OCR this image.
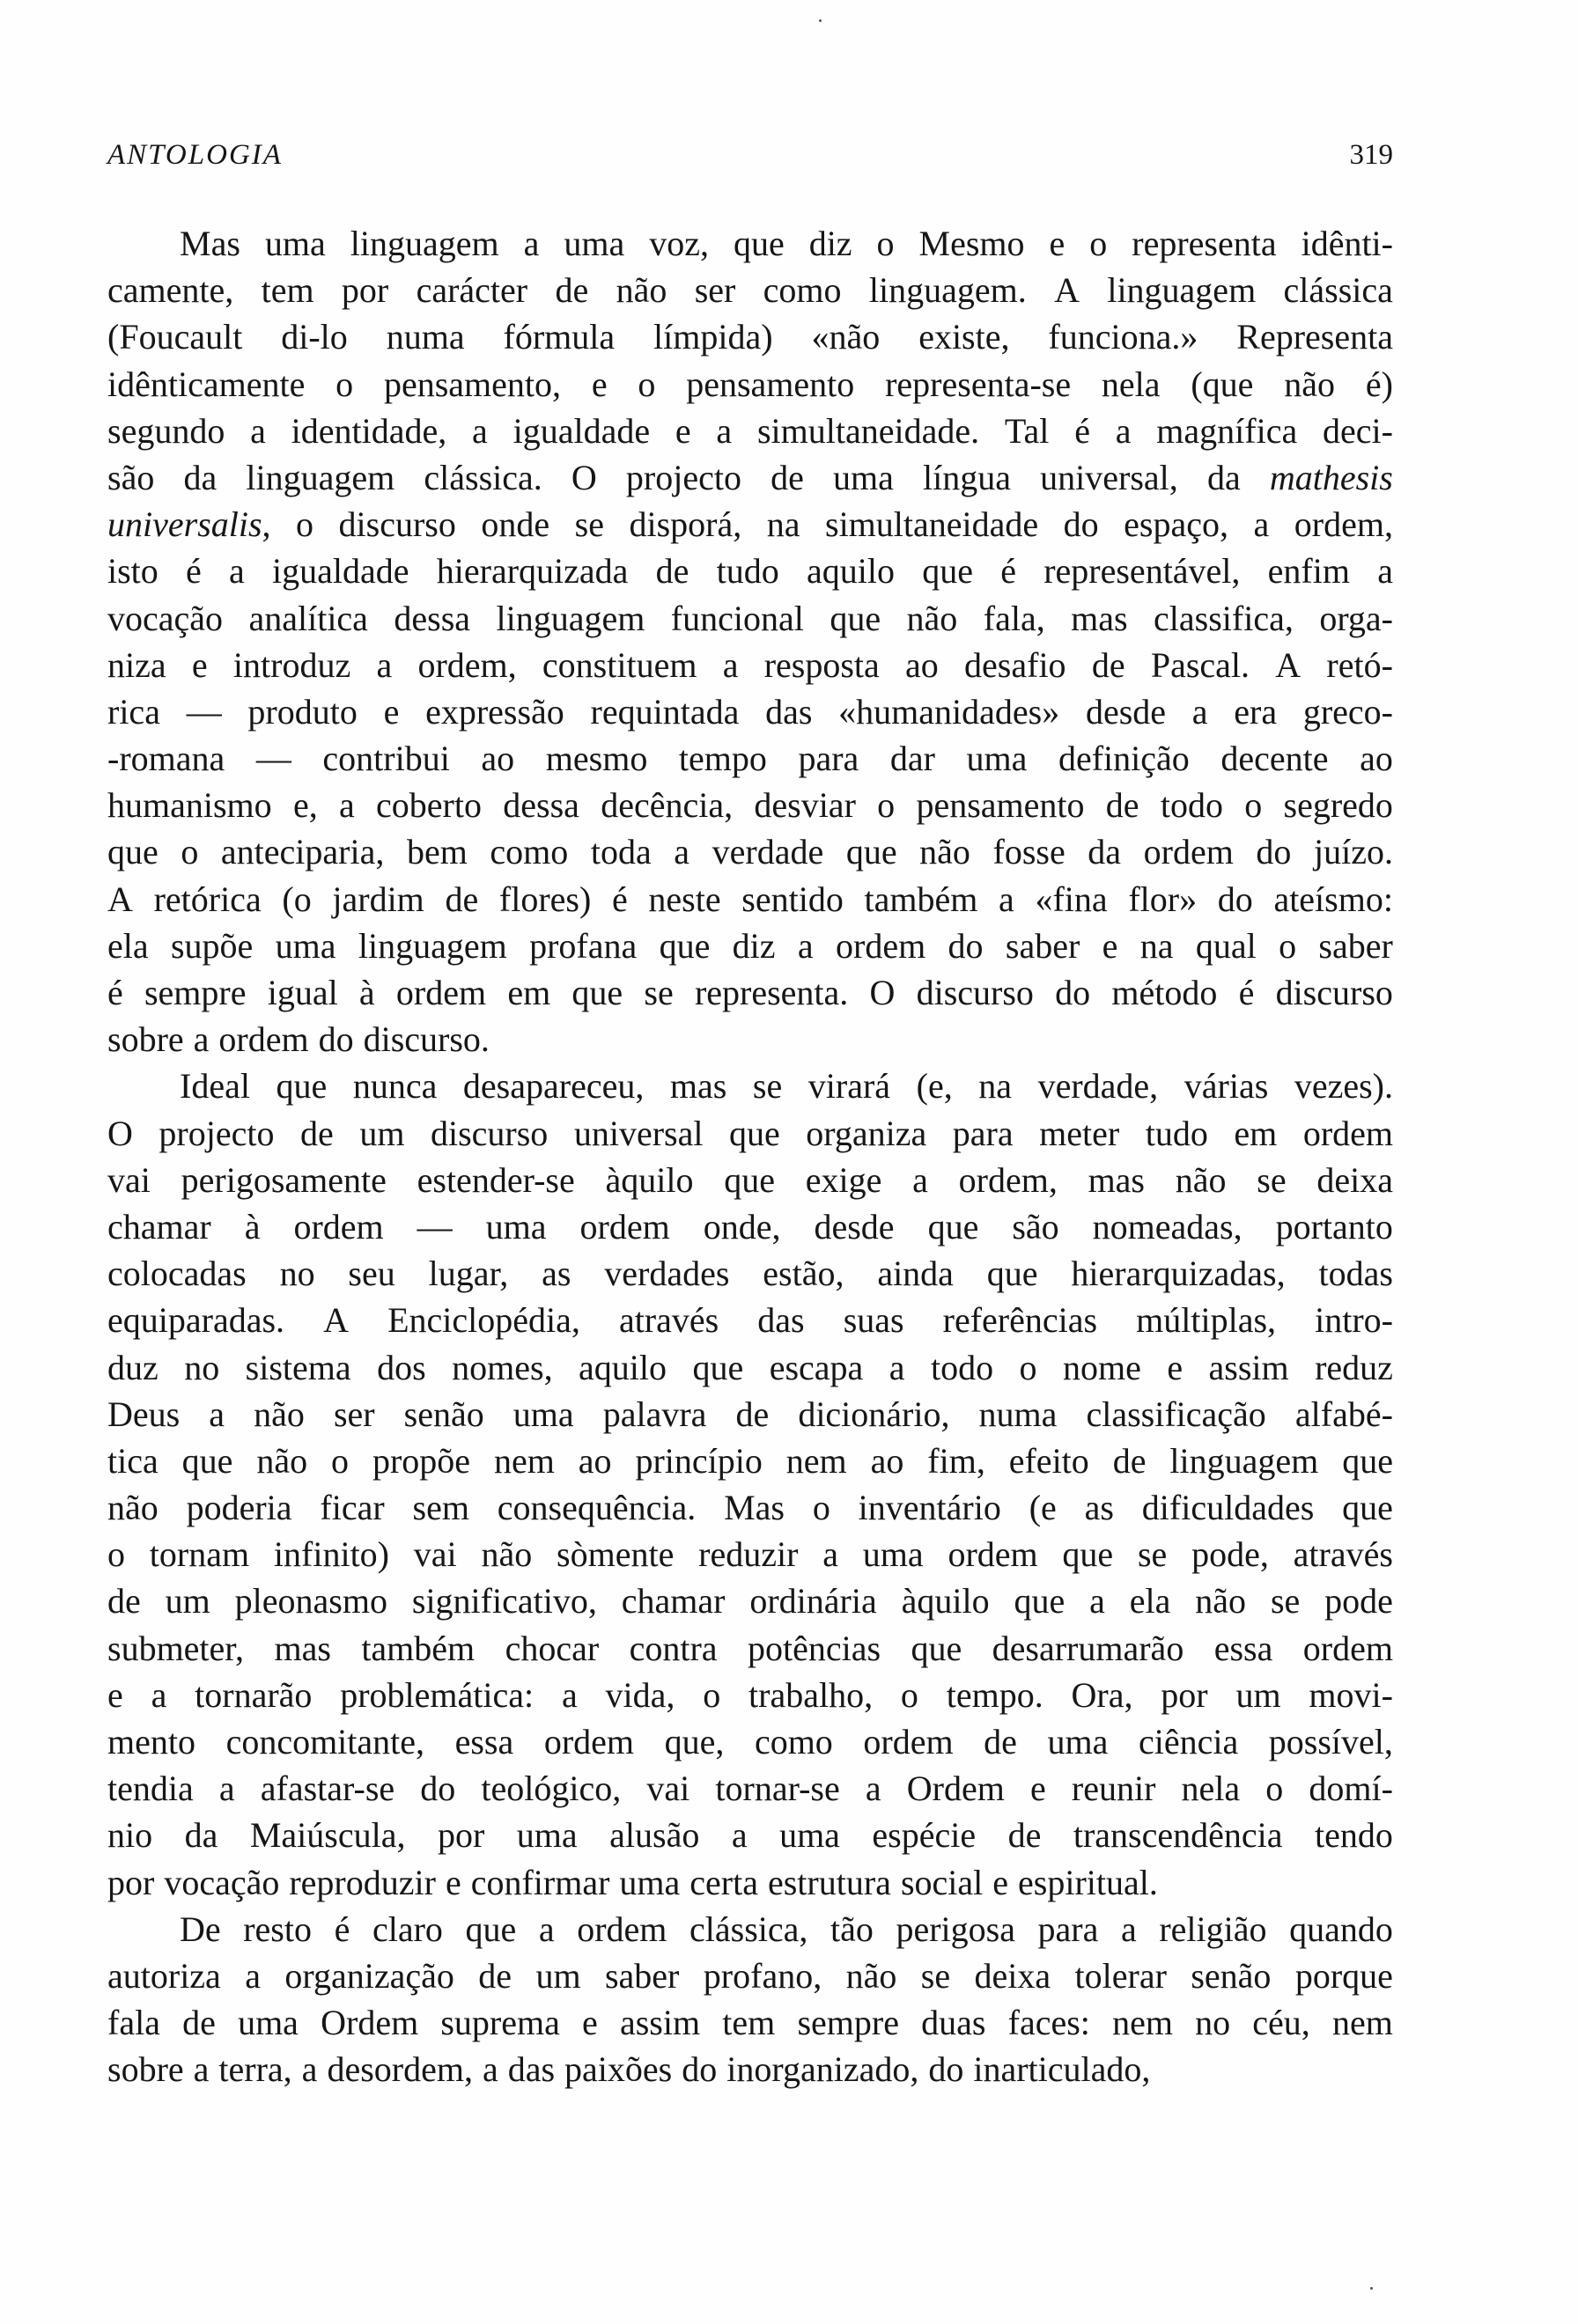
ANTOLOGIA	319
Mas uma linguagem a uma voz, que diz o Mesmo e o representa idênti-
camente, tem por carácter de não ser como linguagem. A linguagem clássica
(Foucault di-lo numa fórmula límpida) «não existe, funciona.» Representa
idênticamente o pensamento, e o pensamento representa-se nela (que não é)
segundo a identidade, a igualdade e a simultaneidade. Tal é a magnífica deci-
são da linguagem clássica. O projecto de uma língua universal, da mathesis
universalis, o discurso onde se disporá, na simultaneidade do espaço, a ordem,
isto é a igualdade hierarquizada de tudo aquilo que é representável, enfim a
vocação analítica dessa linguagem funcional que não fala, mas classifica, orga-
niza e introduz a ordem, constituem a resposta ao desafio de Pascal. A retó-
rica — produto e expressão requintada das «humanidades» desde a era greco-
-romana — contribui ao mesmo tempo para dar uma definição decente ao
humanismo e, a coberto dessa decência, desviar o pensamento de todo o segredo
que o anteciparia, bem como toda a verdade que não fosse da ordem do juízo.
A retórica (o jardim de flores) é neste sentido também a «fina flor» do ateísmo:
ela supõe uma linguagem profana que diz a ordem do saber e na qual o saber
é sempre igual à ordem em que se representa. O discurso do método é discurso
sobre a ordem do discurso.
Ideal que nunca desapareceu, mas se virará (e, na verdade, várias vezes).
O projecto de um discurso universal que organiza para meter tudo em ordem
vai perigosamente estender-se àquilo que exige a ordem, mas não se deixa
chamar à ordem — uma ordem onde, desde que são nomeadas, portanto
colocadas no seu lugar, as verdades estão, ainda que hierarquizadas, todas
equiparadas. A Enciclopédia, através das suas referências múltiplas, intro-
duz no sistema dos nomes, aquilo que escapa a todo o nome e assim reduz
Deus a não ser senão uma palavra de dicionário, numa classificação alfabé-
tica que não o propõe nem ao princípio nem ao fim, efeito de linguagem que
não poderia ficar sem consequência. Mas o inventário (e as dificuldades que
o tornam infinito) vai não sòmente reduzir a uma ordem que se pode, através
de um pleonasmo significativo, chamar ordinária àquilo que a ela não se pode
submeter, mas também chocar contra potências que desarrumarão essa ordem
e a tornarão problemática: a vida, o trabalho, o tempo. Ora, por um movi-
mento concomitante, essa ordem que, como ordem de uma ciência possível,
tendia a afastar-se do teológico, vai tornar-se a Ordem e reunir nela o domí-
nio da Maiúscula, por uma alusão a uma espécie de transcendência tendo
por vocação reproduzir e confirmar uma certa estrutura social e espiritual.
De resto é claro que a ordem clássica, tão perigosa para a religião quando
autoriza a organização de um saber profano, não se deixa tolerar senão porque
fala de uma Ordem suprema e assim tem sempre duas faces: nem no céu, nem
sobre a terra, a desordem, a das paixões do inorganizado, do inarticulado,
